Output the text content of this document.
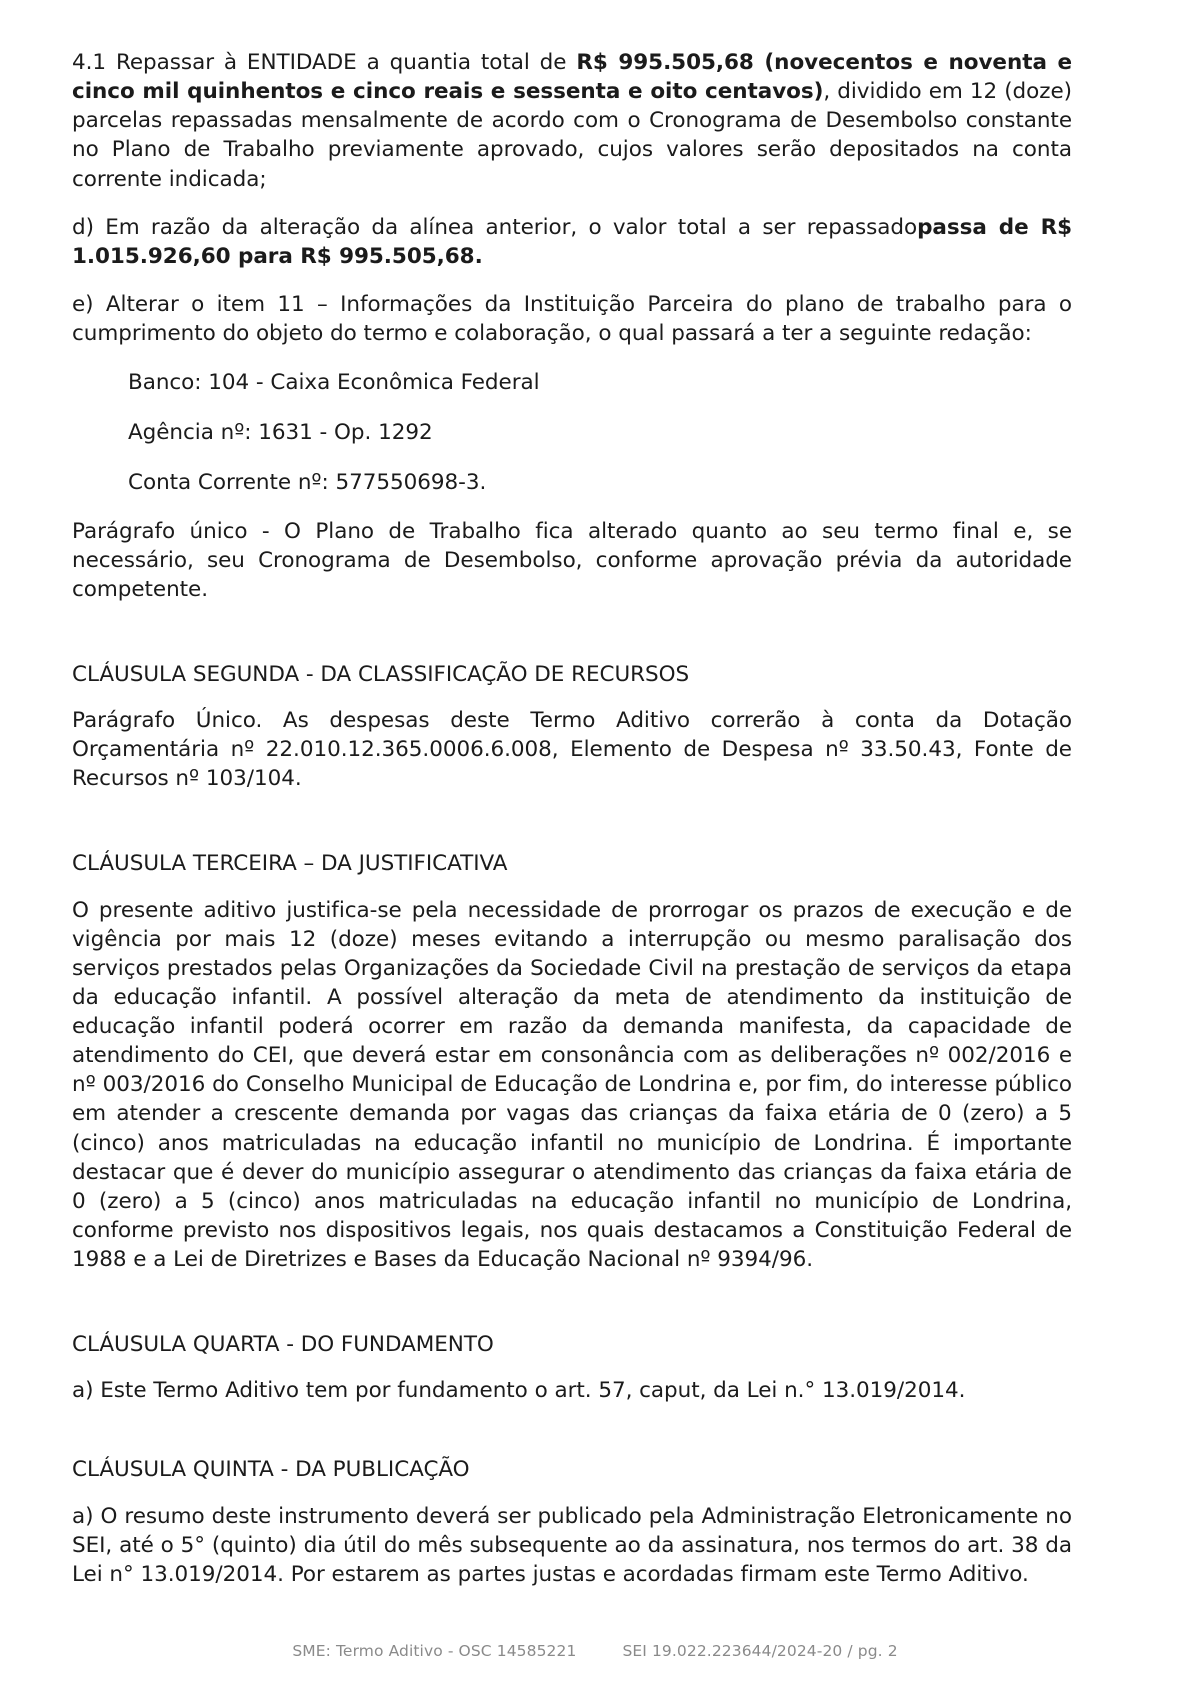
4.1 Repassar à ENTIDADE a quantia total de R$ 995.505,68 (novecentos e noventa e cinco mil quinhentos e cinco reais e sessenta e oito centavos), dividido em 12 (doze) parcelas repassadas mensalmente de acordo com o Cronograma de Desembolso constante no Plano de Trabalho previamente aprovado, cujos valores serão depositados na conta corrente indicada;

d) Em razão da alteração da alínea anterior, o valor total a ser repassadopassa de R$ 1.015.926,60 para R$ 995.505,68.

e) Alterar o item 11 – Informações da Instituição Parceira do plano de trabalho para o cumprimento do objeto do termo e colaboração, o qual passará a ter a seguinte redação:

Banco: 104 - Caixa Econômica Federal
Agência nº: 1631 - Op. 1292
Conta Corrente nº: 577550698-3.

Parágrafo único - O Plano de Trabalho fica alterado quanto ao seu termo final e, se necessário, seu Cronograma de Desembolso, conforme aprovação prévia da autoridade competente.

CLÁUSULA SEGUNDA - DA CLASSIFICAÇÃO DE RECURSOS

Parágrafo Único. As despesas deste Termo Aditivo correrão à conta da Dotação Orçamentária nº 22.010.12.365.0006.6.008, Elemento de Despesa nº 33.50.43, Fonte de Recursos nº 103/104.

CLÁUSULA TERCEIRA – DA JUSTIFICATIVA

O presente aditivo justifica-se pela necessidade de prorrogar os prazos de execução e de vigência por mais 12 (doze) meses evitando a interrupção ou mesmo paralisação dos serviços prestados pelas Organizações da Sociedade Civil na prestação de serviços da etapa da educação infantil. A possível alteração da meta de atendimento da instituição de educação infantil poderá ocorrer em razão da demanda manifesta, da capacidade de atendimento do CEI, que deverá estar em consonância com as deliberações nº 002/2016 e nº 003/2016 do Conselho Municipal de Educação de Londrina e, por fim, do interesse público em atender a crescente demanda por vagas das crianças da faixa etária de 0 (zero) a 5 (cinco) anos matriculadas na educação infantil no município de Londrina. É importante destacar que é dever do município assegurar o atendimento das crianças da faixa etária de 0 (zero) a 5 (cinco) anos matriculadas na educação infantil no município de Londrina, conforme previsto nos dispositivos legais, nos quais destacamos a Constituição Federal de 1988 e a Lei de Diretrizes e Bases da Educação Nacional nº 9394/96.

CLÁUSULA QUARTA - DO FUNDAMENTO

a) Este Termo Aditivo tem por fundamento o art. 57, caput, da Lei n.° 13.019/2014.

CLÁUSULA QUINTA - DA PUBLICAÇÃO

a) O resumo deste instrumento deverá ser publicado pela Administração Eletronicamente no SEI, até o 5° (quinto) dia útil do mês subsequente ao da assinatura, nos termos do art. 38 da Lei n° 13.019/2014. Por estarem as partes justas e acordadas firmam este Termo Aditivo.

SME: Termo Aditivo - OSC 14585221	SEI 19.022.223644/2024-20 / pg. 2
